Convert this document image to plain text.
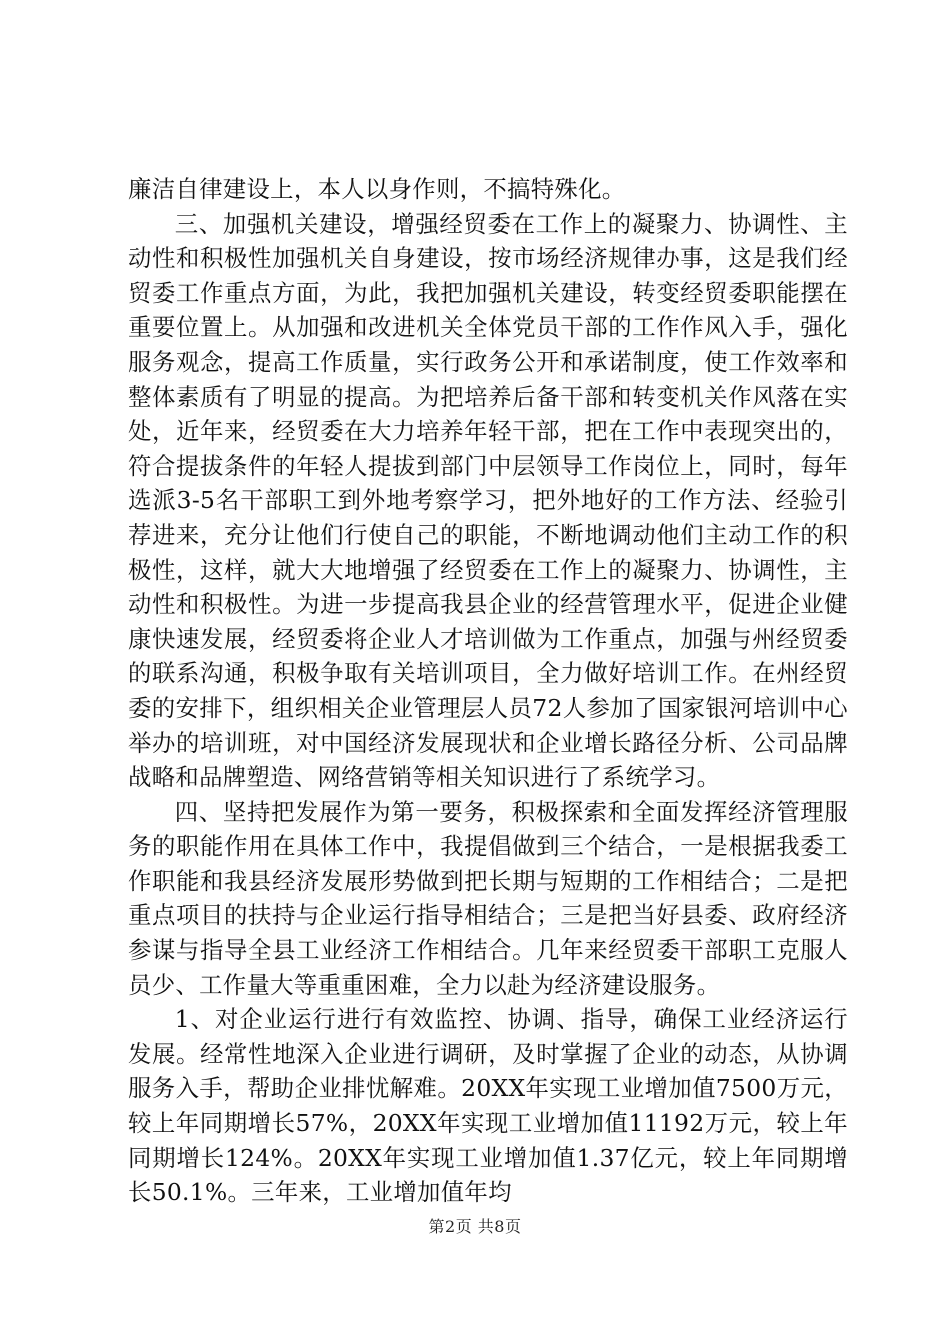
廉洁自律建设上，本人以身作则，不搞特殊化。

三、加强机关建设，增强经贸委在工作上的凝聚力、协调性、主动性和积极性加强机关自身建设，按市场经济规律办事，这是我们经贸委工作重点方面，为此，我把加强机关建设，转变经贸委职能摆在重要位置上。从加强和改进机关全体党员干部的工作作风入手，强化服务观念，提高工作质量，实行政务公开和承诺制度，使工作效率和整体素质有了明显的提高。为把培养后备干部和转变机关作风落在实处，近年来，经贸委在大力培养年轻干部，把在工作中表现突出的，符合提拔条件的年轻人提拔到部门中层领导工作岗位上，同时，每年选派3-5名干部职工到外地考察学习，把外地好的工作方法、经验引荐进来，充分让他们行使自己的职能，不断地调动他们主动工作的积极性，这样，就大大地增强了经贸委在工作上的凝聚力、协调性，主动性和积极性。为进一步提高我县企业的经营管理水平，促进企业健康快速发展，经贸委将企业人才培训做为工作重点，加强与州经贸委的联系沟通，积极争取有关培训项目，全力做好培训工作。在州经贸委的安排下，组织相关企业管理层人员72人参加了国家银河培训中心举办的培训班，对中国经济发展现状和企业增长路径分析、公司品牌战略和品牌塑造、网络营销等相关知识进行了系统学习。

四、坚持把发展作为第一要务，积极探索和全面发挥经济管理服务的职能作用在具体工作中，我提倡做到三个结合，一是根据我委工作职能和我县经济发展形势做到把长期与短期的工作相结合；二是把重点项目的扶持与企业运行指导相结合；三是把当好县委、政府经济参谋与指导全县工业经济工作相结合。几年来经贸委干部职工克服人员少、工作量大等重重困难，全力以赴为经济建设服务。

1、对企业运行进行有效监控、协调、指导，确保工业经济运行发展。经常性地深入企业进行调研，及时掌握了企业的动态，从协调服务入手，帮助企业排忧解难。20XX年实现工业增加值7500万元，较上年同期增长57%，20XX年实现工业增加值11192万元，较上年同期增长124%。20XX年实现工业增加值1.37亿元，较上年同期增长50.1%。三年来，工业增加值年均

第2页 共8页
